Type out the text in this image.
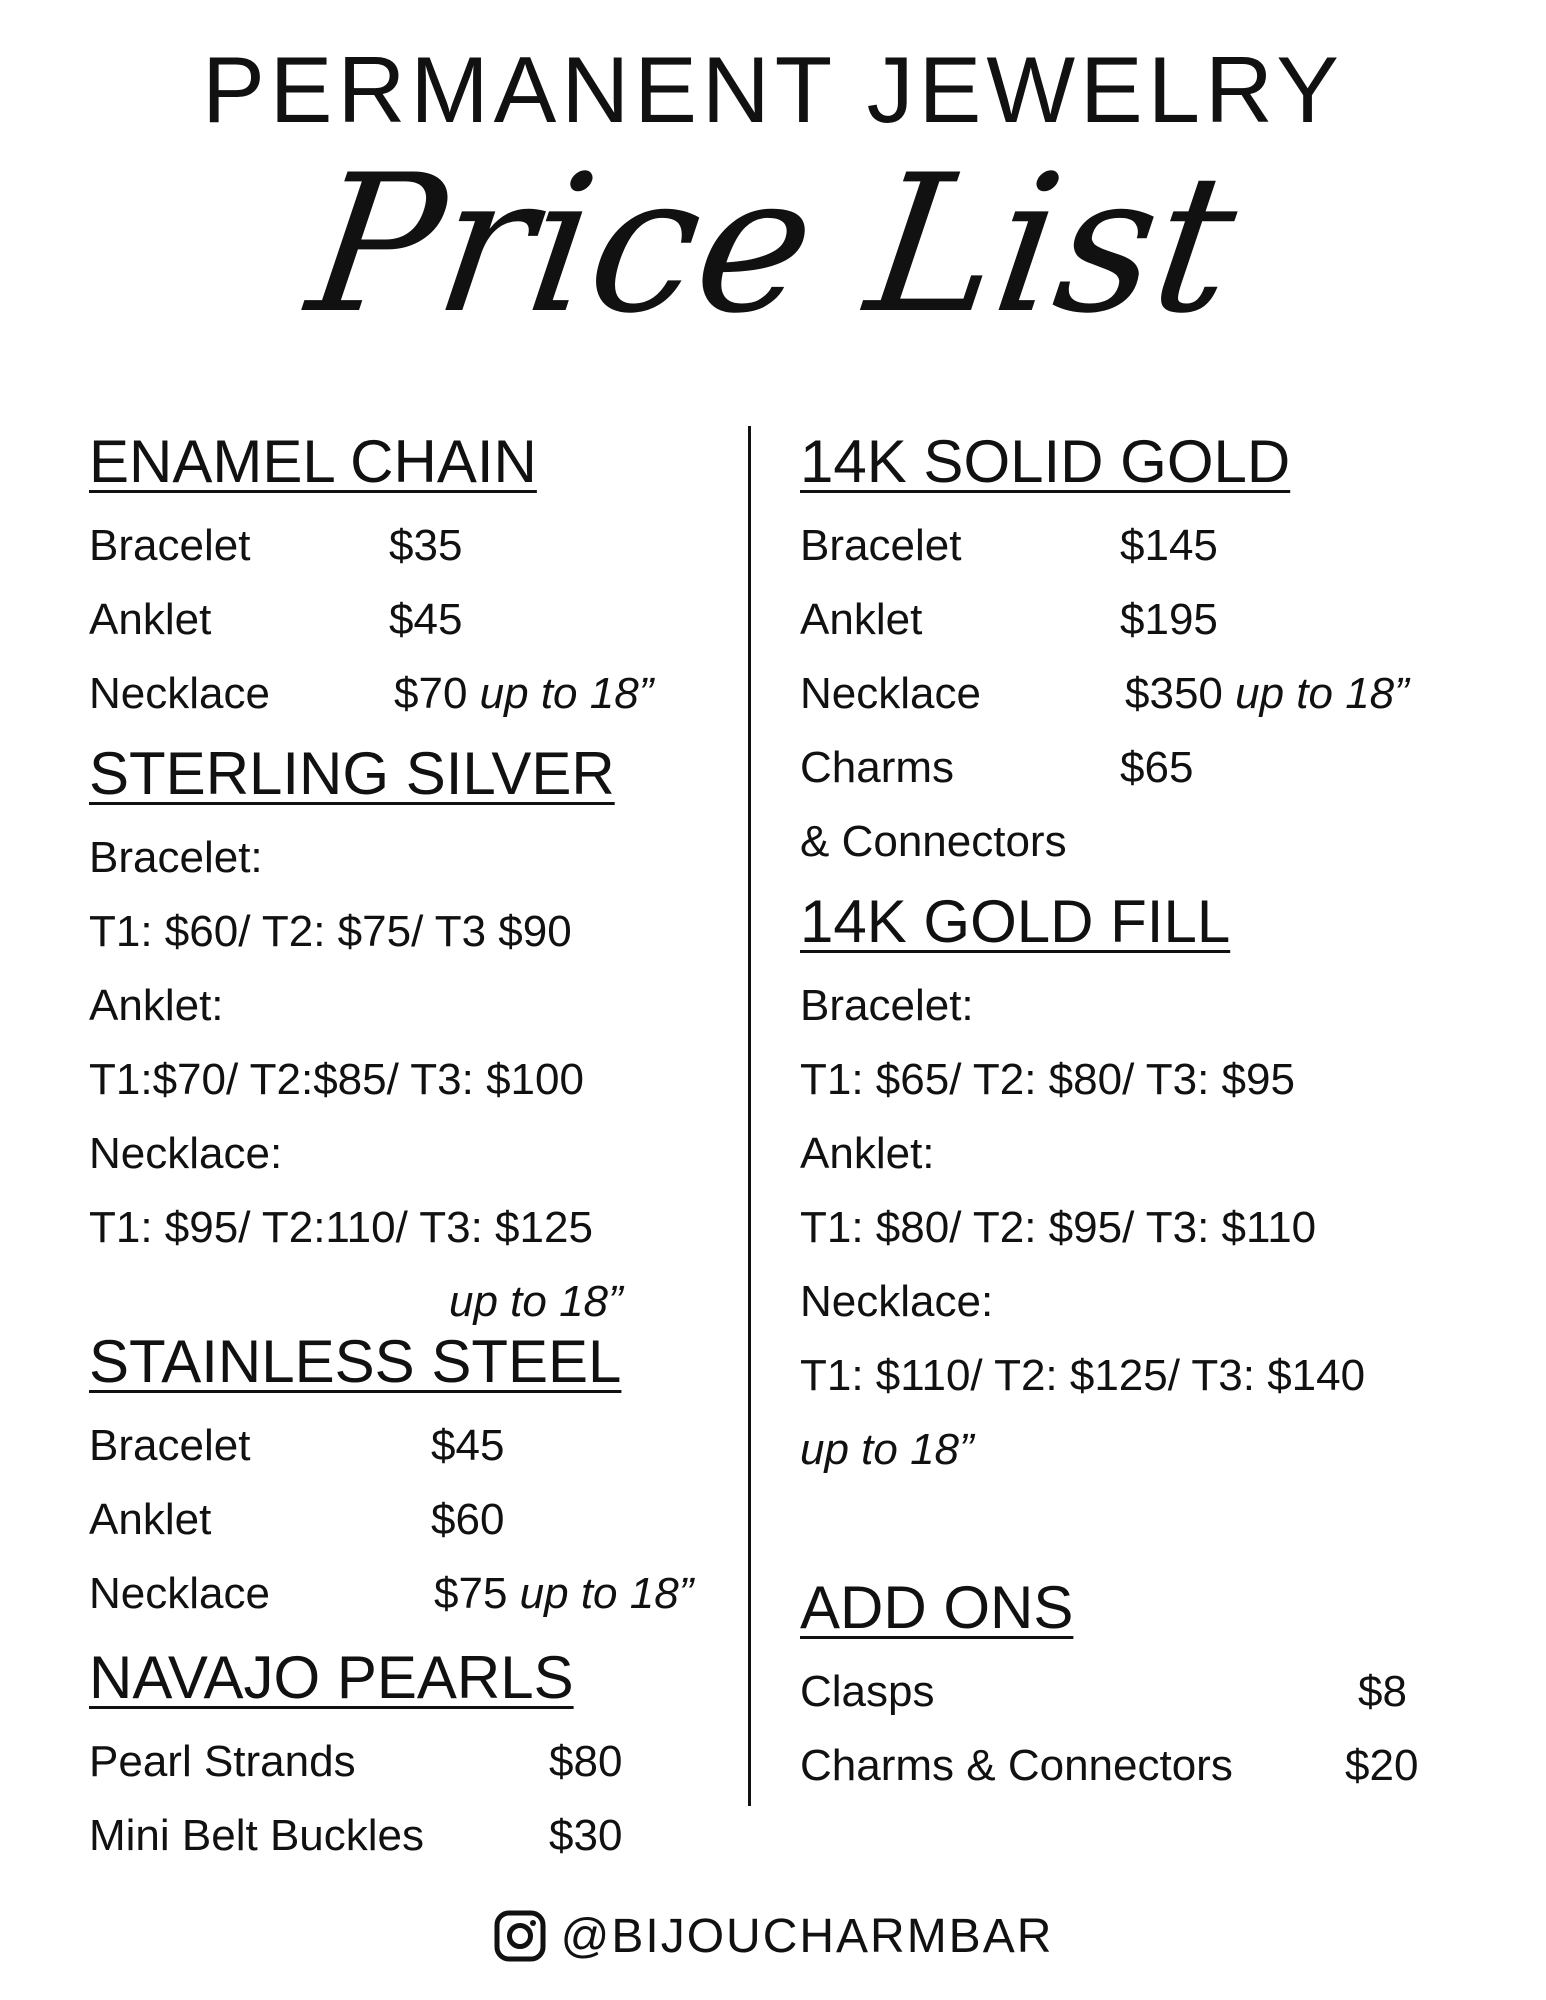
PERMANENT JEWELRY
Price List
ENAMEL CHAIN
Bracelet	$35
Anklet	$45
Necklace	$70 up to 18”
STERLING SILVER
Bracelet:
T1: $60/ T2: $75/ T3 $90
Anklet:
T1:$70/ T2:$85/ T3: $100
Necklace:
T1: $95/ T2:110/ T3: $125
up to 18”
STAINLESS STEEL
Bracelet	$45
Anklet	$60
Necklace	$75 up to 18”
NAVAJO PEARLS
Pearl Strands	$80
Mini Belt Buckles	$30
14K SOLID GOLD
Bracelet	$145
Anklet	$195
Necklace	$350 up to 18”
Charms	$65
& Connectors
14K GOLD FILL
Bracelet:
T1: $65/ T2: $80/ T3: $95
Anklet:
T1: $80/ T2: $95/ T3: $110
Necklace:
T1: $110/ T2: $125/ T3: $140
up to 18”
ADD ONS
Clasps	$8
Charms & Connectors	$20
@BIJOUCHARMBAR
